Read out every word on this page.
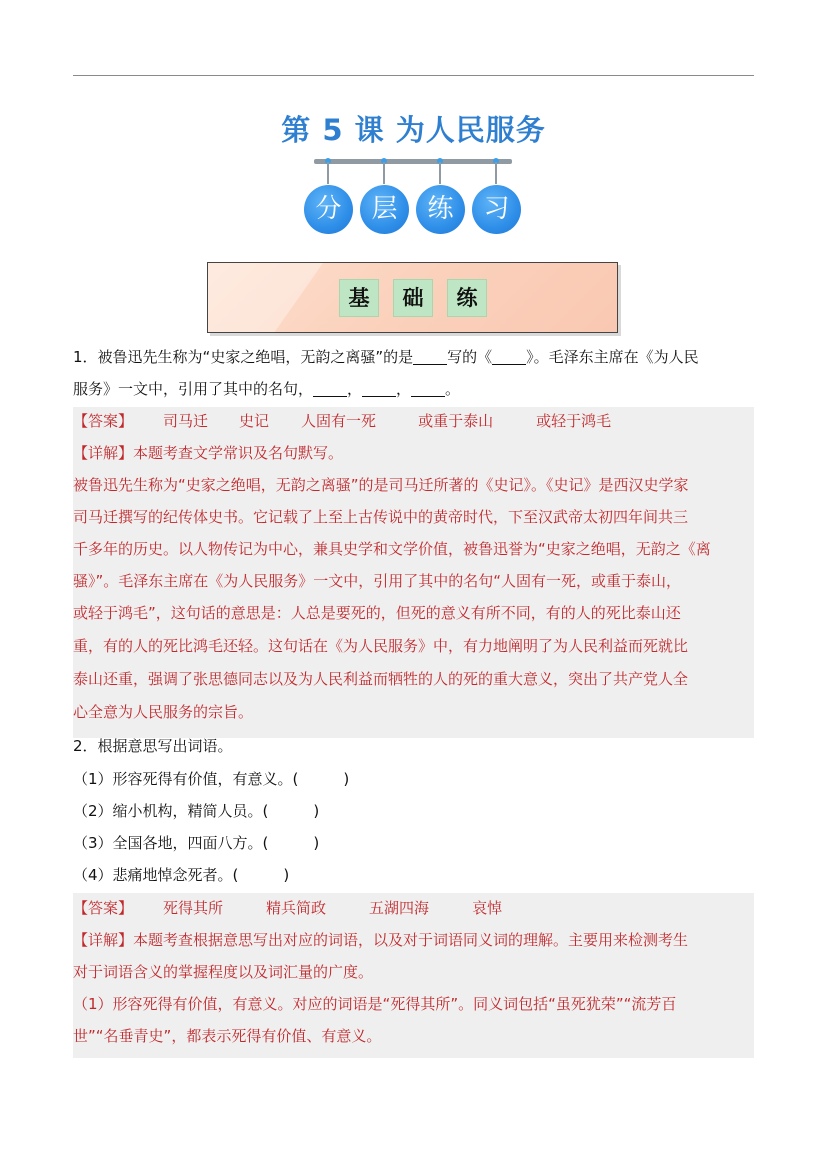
第 5 课 为人民服务
分	层	练	习
基	础	练
1．被鲁迅先生称为“史家之绝唱，无韵之离骚”的是 写的《 》。毛泽东主席在《为人民
服务》一文中，引用了其中的名句， ， ， 。
【答案】 司马迁 史记 人固有一死	或重于泰山	或轻于鸿毛
【详解】本题考查文学常识及名句默写。
被鲁迅先生称为“史家之绝唱，无韵之离骚”的是司马迁所著的《史记》。《史记》是西汉史学家
司马迁撰写的纪传体史书。它记载了上至上古传说中的黄帝时代，下至汉武帝太初四年间共三
千多年的历史。以人物传记为中心，兼具史学和文学价值，被鲁迅誉为“史家之绝唱，无韵之《离
骚》”。毛泽东主席在《为人民服务》一文中，引用了其中的名句“人固有一死，或重于泰山，
或轻于鸿毛”，这句话的意思是：人总是要死的，但死的意义有所不同，有的人的死比泰山还
重，有的人的死比鸿毛还轻。这句话在《为人民服务》中，有力地阐明了为人民利益而死就比
泰山还重，强调了张思德同志以及为人民利益而牺牲的人的死的重大意义，突出了共产党人全
心全意为人民服务的宗旨。
2．根据意思写出词语。
（1）形容死得有价值，有意义。(　　　)
（2）缩小机构，精简人员。(　　　)
（3）全国各地，四面八方。(　　　)
（4）悲痛地悼念死者。(　　　)
【答案】 死得其所	精兵简政	五湖四海	哀悼
【详解】本题考查根据意思写出对应的词语，以及对于词语同义词的理解。主要用来检测考生
对于词语含义的掌握程度以及词汇量的广度。
（1）形容死得有价值，有意义。对应的词语是“死得其所”。同义词包括“虽死犹荣”“流芳百
世”“名垂青史”，都表示死得有价值、有意义。
